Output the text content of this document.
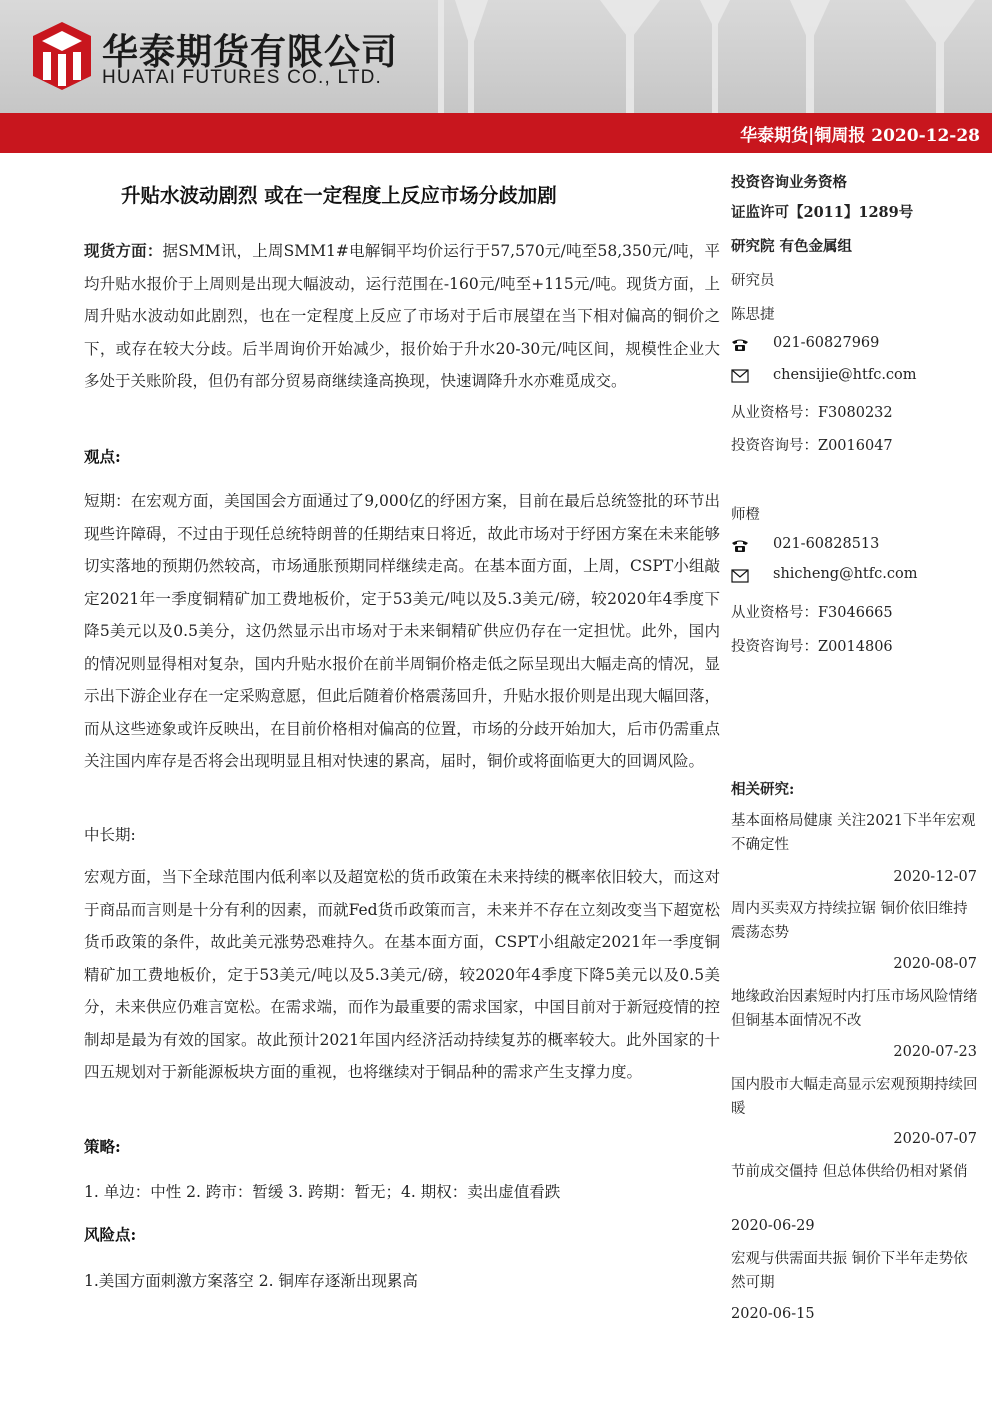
华泰期货有限公司
HUATAI FUTURES CO., LTD.
华泰期货|铜周报 2020-12-28
升贴水波动剧烈 或在一定程度上反应市场分歧加剧
现货方面：据SMM讯，上周SMM1#电解铜平均价运行于57,570元/吨至58,350元/吨，平均升贴水报价于上周则是出现大幅波动，运行范围在-160元/吨至+115元/吨。现货方面，上周升贴水波动如此剧烈，也在一定程度上反应了市场对于后市展望在当下相对偏高的铜价之下，或存在较大分歧。后半周询价开始减少，报价始于升水20-30元/吨区间，规模性企业大多处于关账阶段，但仍有部分贸易商继续逢高换现，快速调降升水亦难觅成交。
观点:
短期：在宏观方面，美国国会方面通过了9,000亿的纾困方案，目前在最后总统签批的环节出现些许障碍，不过由于现任总统特朗普的任期结束日将近，故此市场对于纾困方案在未来能够切实落地的预期仍然较高，市场通胀预期同样继续走高。在基本面方面，上周，CSPT小组敲定2021年一季度铜精矿加工费地板价，定于53美元/吨以及5.3美元/磅，较2020年4季度下降5美元以及0.5美分，这仍然显示出市场对于未来铜精矿供应仍存在一定担忧。此外，国内的情况则显得相对复杂，国内升贴水报价在前半周铜价格走低之际呈现出大幅走高的情况，显示出下游企业存在一定采购意愿，但此后随着价格震荡回升，升贴水报价则是出现大幅回落，而从这些迹象或许反映出，在目前价格相对偏高的位置，市场的分歧开始加大，后市仍需重点关注国内库存是否将会出现明显且相对快速的累高，届时，铜价或将面临更大的回调风险。
中长期:
宏观方面，当下全球范围内低利率以及超宽松的货币政策在未来持续的概率依旧较大，而这对于商品而言则是十分有利的因素，而就Fed货币政策而言，未来并不存在立刻改变当下超宽松货币政策的条件，故此美元涨势恐难持久。在基本面方面，CSPT小组敲定2021年一季度铜精矿加工费地板价，定于53美元/吨以及5.3美元/磅，较2020年4季度下降5美元以及0.5美分，未来供应仍难言宽松。在需求端，而作为最重要的需求国家，中国目前对于新冠疫情的控制却是最为有效的国家。故此预计2021年国内经济活动持续复苏的概率较大。此外国家的十四五规划对于新能源板块方面的重视，也将继续对于铜品种的需求产生支撑力度。
策略:
1. 单边：中性 2. 跨市：暂缓 3. 跨期：暂无；4. 期权：卖出虚值看跌
风险点:
1.美国方面刺激方案落空 2. 铜库存逐渐出现累高
投资咨询业务资格
证监许可【2011】1289号
研究院 有色金属组
研究员
陈思捷
021-60827969
chensijie@htfc.com
从业资格号：F3080232
投资咨询号：Z0016047
师橙
021-60828513
shicheng@htfc.com
从业资格号：F3046665
投资咨询号：Z0014806
相关研究:
基本面格局健康 关注2021下半年宏观不确定性
2020-12-07
周内买卖双方持续拉锯 铜价依旧维持震荡态势
2020-08-07
地缘政治因素短时内打压市场风险情绪 但铜基本面情况不改
2020-07-23
国内股市大幅走高显示宏观预期持续回暖
2020-07-07
节前成交僵持 但总体供给仍相对紧俏
2020-06-29
宏观与供需面共振 铜价下半年走势依然可期
2020-06-15
